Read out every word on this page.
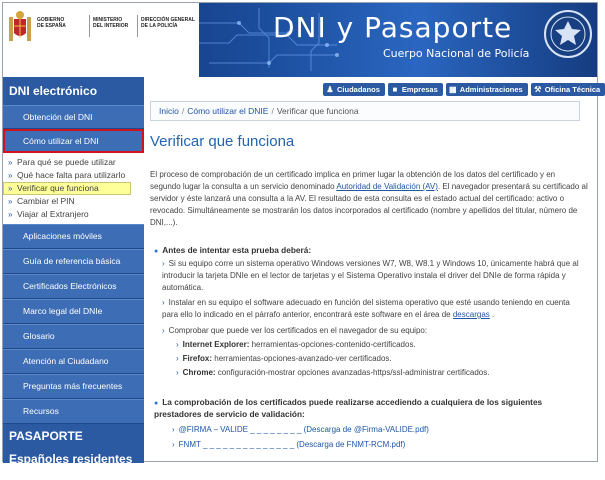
GOBIERNO
DE ESPAÑA
MINISTERIO
DEL INTERIOR
DIRECCIÓN GENERAL
DE LA POLICÍA	DNI y Pasaporte
Cuerpo Nacional de Policía
♟ Ciudadanos ■ Empresas ▦ Administraciones ⚒ Oficina Técnica
DNI electrónico
Obtención del DNI
Cómo utilizar el DNI
» Para qué se puede utilizar
» Qué hace falta para utilizarlo
» Verificar que funciona
» Cambiar el PIN
» Viajar al Extranjero
Aplicaciones móviles
Guía de referencia básica
Certificados Electrónicos
Marco legal del DNIe
Glosario
Atención al Ciudadano
Preguntas más frecuentes
Recursos
PASAPORTE
Españoles residentes en el extranjero
Inicio / Cómo utilizar el DNIE / Verificar que funciona
Verificar que funciona
El proceso de comprobación de un certificado implica en primer lugar la obtención de los datos del certificado y en segundo lugar la consulta a un servicio denominado Autoridad de Validación (AV). El navegador presentará su certificado al servidor y éste lanzará una consulta a la AV. El resultado de esta consulta es el estado actual del certificado: activo o revocado. Simultáneamente se mostrarán los datos incorporados al certificado (nombre y apellidos del titular, número de DNI,...).
● Antes de intentar esta prueba deberá:
› Si su equipo corre un sistema operativo Windows versiones W7, W8, W8.1 y Windows 10, únicamente habrá que al introducir la tarjeta DNIe en el lector de tarjetas y el Sistema Operativo instala el driver del DNIe de forma rápida y automática.
› Instalar en su equipo el software adecuado en función del sistema operativo que esté usando teniendo en cuenta para ello lo indicado en el párrafo anterior, encontrará este software en el área de descargas .
› Comprobar que puede ver los certificados en el navegador de su equipo:
› Internet Explorer: herramientas-opciones-contenido-certificados.
› Firefox: herramientas-opciones-avanzado-ver certificados.
› Chrome: configuración-mostrar opciones avanzadas-https/ssl-administrar certificados.
● La comprobación de los certificados puede realizarse accediendo a cualquiera de los siguientes prestadores de servicio de validación:
› @FIRMA – VALIDE _ _ _ _ _ _ _ _ (Descarga de @Firma-VALIDE.pdf)
› FNMT _ _ _ _ _ _ _ _ _ _ _ _ _ _ (Descarga de FNMT-RCM.pdf)
